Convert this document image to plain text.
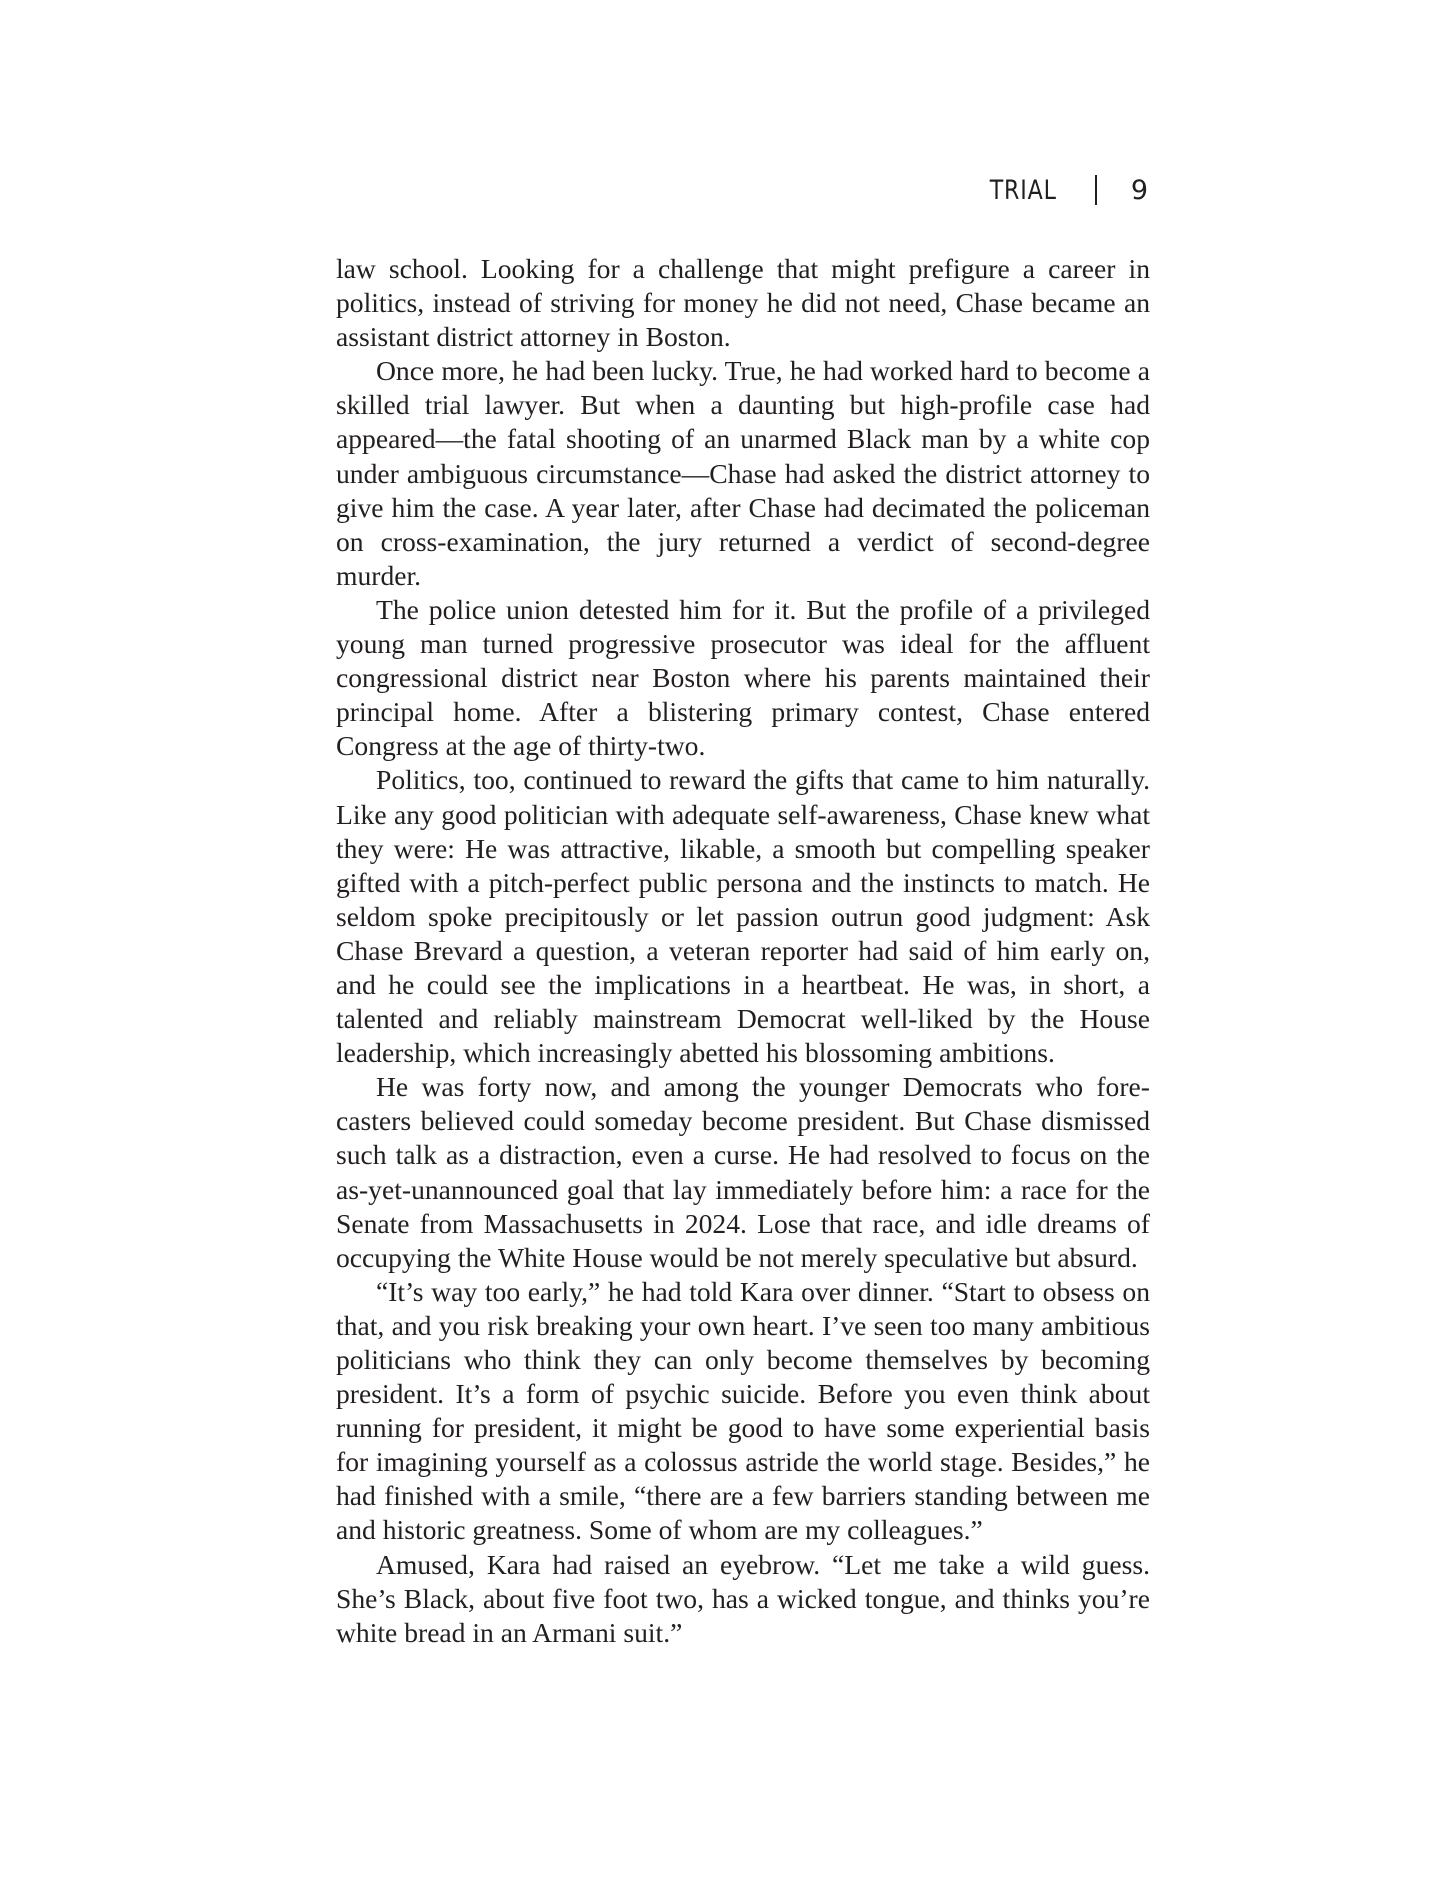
TRIAL	9

law school. Looking for a challenge that might prefigure a career in politics, instead of striving for money he did not need, Chase became an assistant district attorney in Boston.

Once more, he had been lucky. True, he had worked hard to become a skilled trial lawyer. But when a daunting but high-profile case had appeared—the fatal shooting of an unarmed Black man by a white cop under ambiguous circumstance—Chase had asked the district attorney to give him the case. A year later, after Chase had decimated the policeman on cross-examination, the jury returned a verdict of second-degree murder.

The police union detested him for it. But the profile of a privileged young man turned progressive prosecutor was ideal for the affluent congressional district near Boston where his parents maintained their principal home. After a blistering primary contest, Chase entered Congress at the age of thirty-two.

Politics, too, continued to reward the gifts that came to him naturally. Like any good politician with adequate self-awareness, Chase knew what they were: He was attractive, likable, a smooth but compelling speaker gifted with a pitch-perfect public persona and the instincts to match. He seldom spoke precipitously or let passion outrun good judgment: Ask Chase Brevard a question, a veteran reporter had said of him early on, and he could see the implications in a heartbeat. He was, in short, a talented and reliably mainstream Democrat well-liked by the House leadership, which increasingly abetted his blossoming ambitions.

He was forty now, and among the younger Democrats who forecasters believed could someday become president. But Chase dismissed such talk as a distraction, even a curse. He had resolved to focus on the as-yet-unannounced goal that lay immediately before him: a race for the Senate from Massachusetts in 2024. Lose that race, and idle dreams of occupying the White House would be not merely speculative but absurd.

“It’s way too early,” he had told Kara over dinner. “Start to obsess on that, and you risk breaking your own heart. I’ve seen too many ambitious politicians who think they can only become themselves by becoming president. It’s a form of psychic suicide. Before you even think about running for president, it might be good to have some experiential basis for imagining yourself as a colossus astride the world stage. Besides,” he had finished with a smile, “there are a few barriers standing between me and historic greatness. Some of whom are my colleagues.”

Amused, Kara had raised an eyebrow. “Let me take a wild guess. She’s Black, about five foot two, has a wicked tongue, and thinks you’re white bread in an Armani suit.”
